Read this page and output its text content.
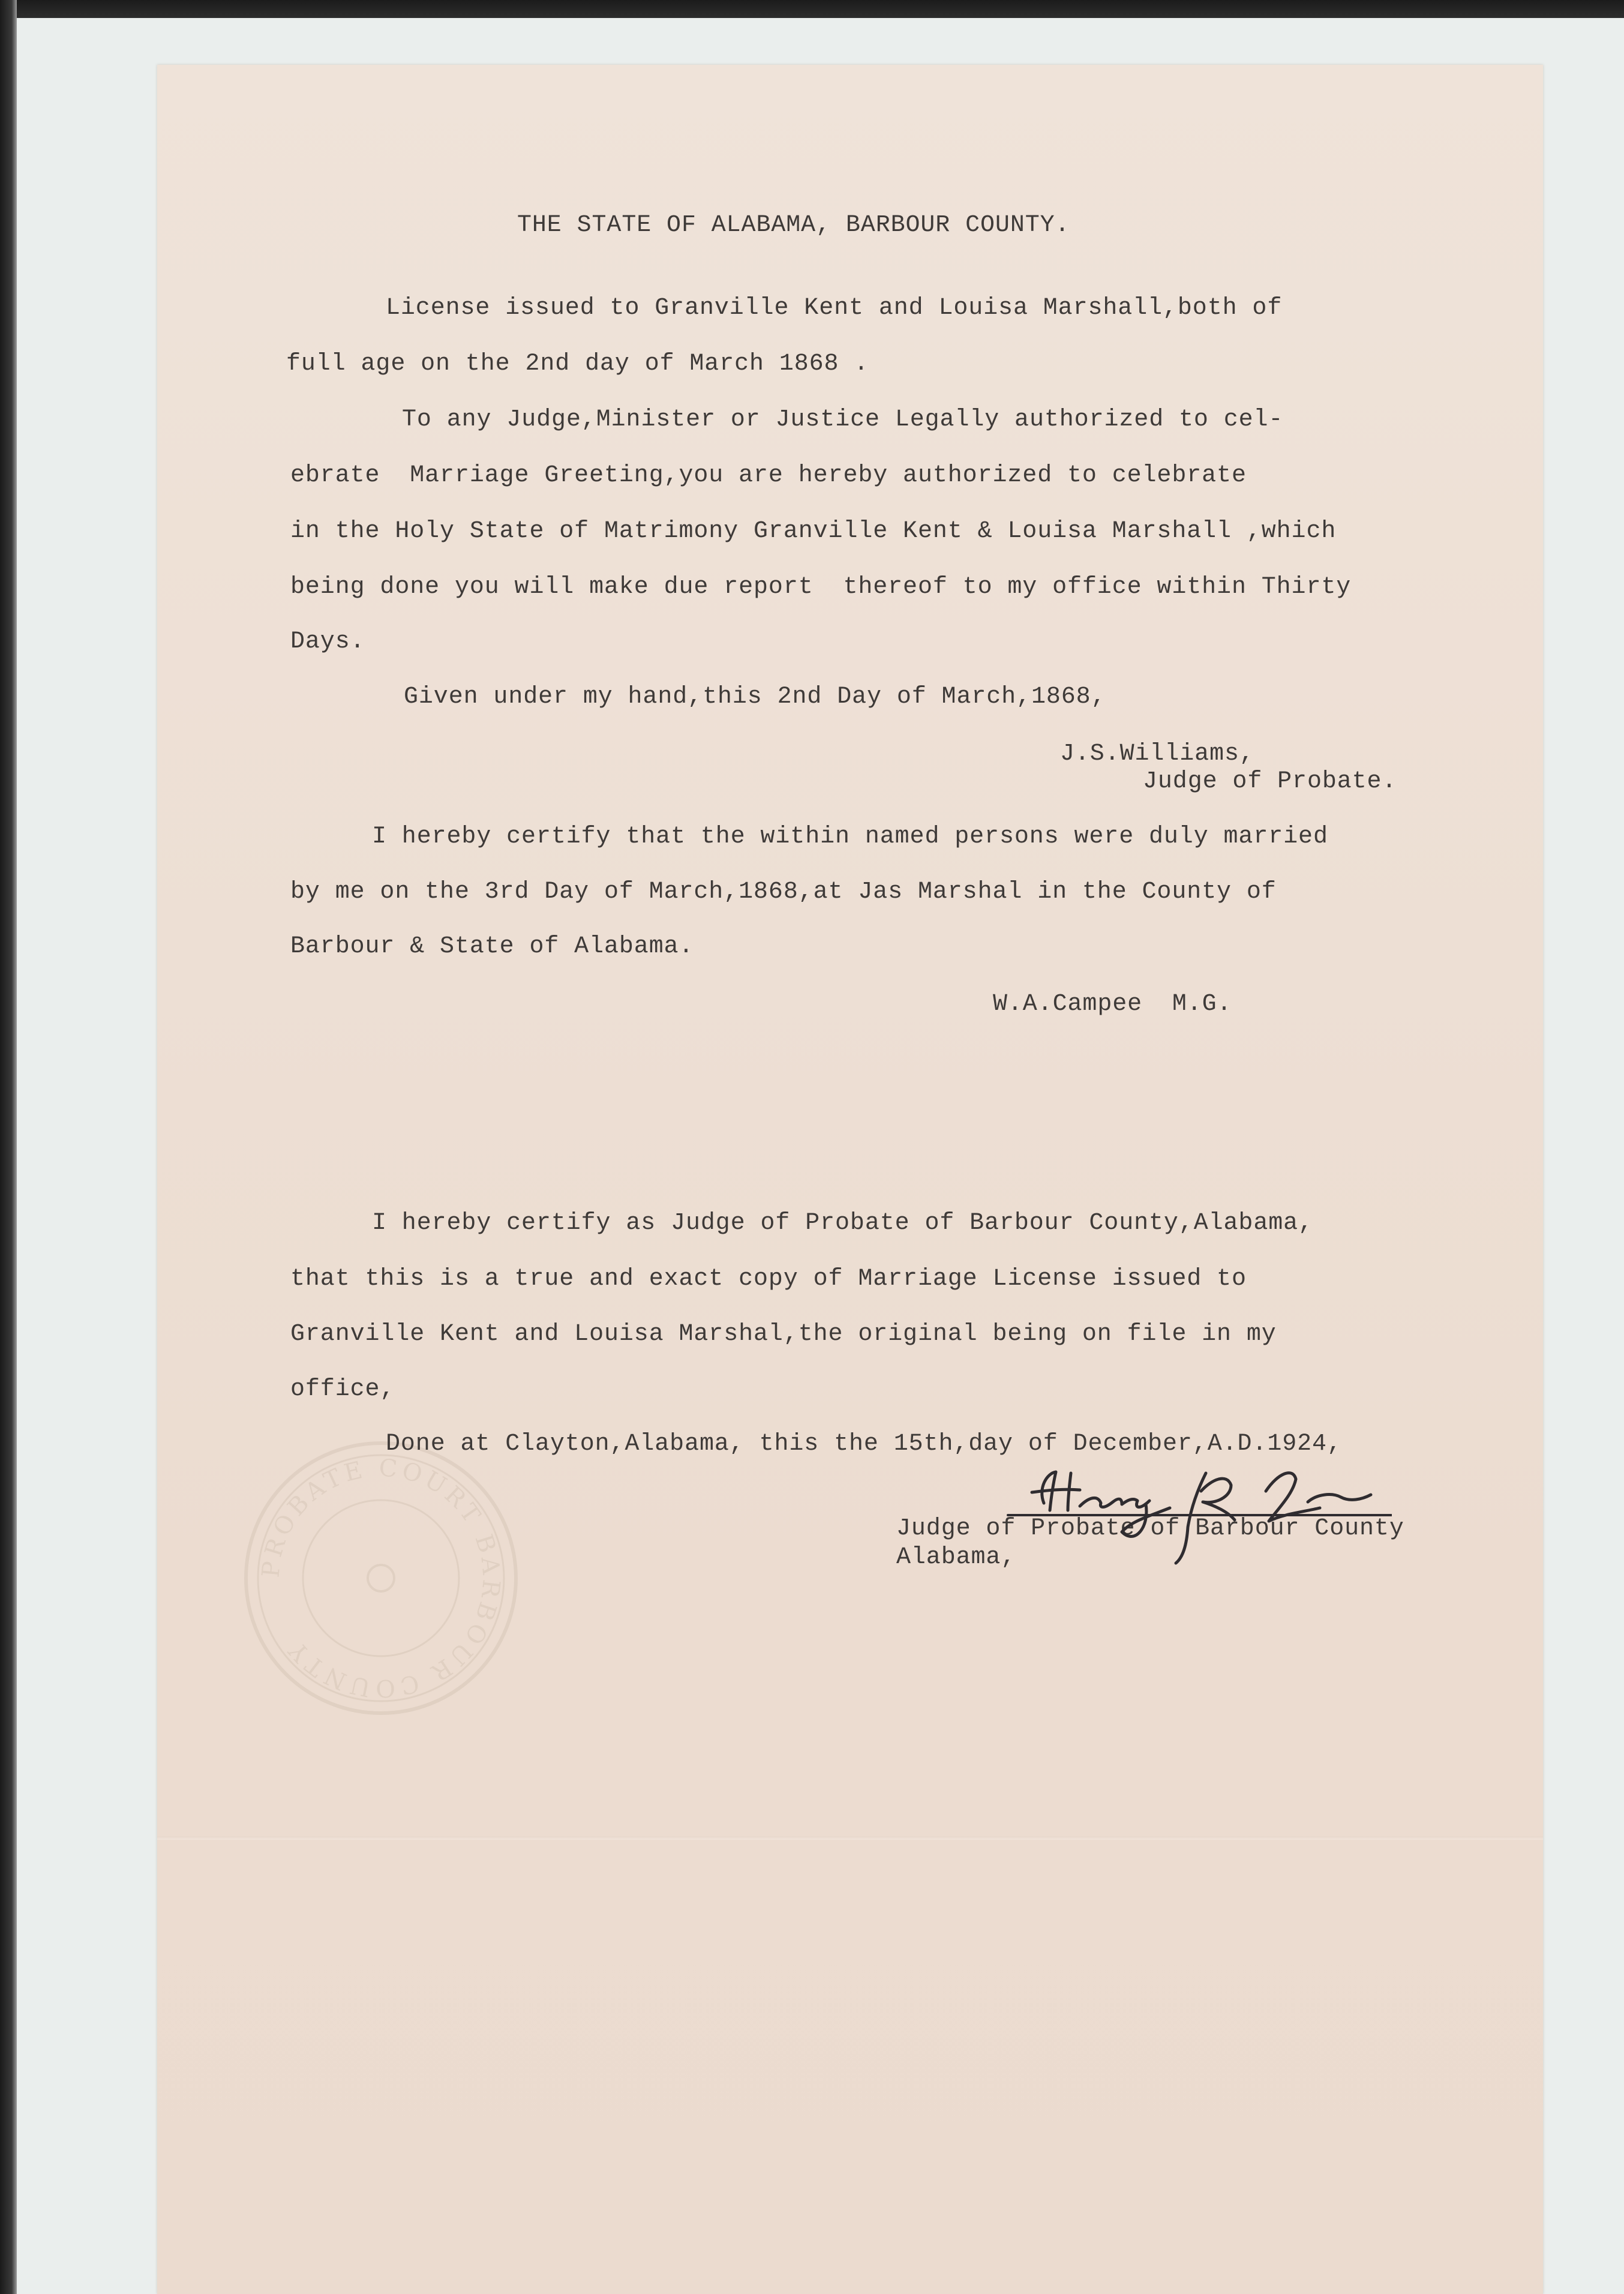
PROBATE COURT BARBOUR COUNTY

THE STATE OF ALABAMA, BARBOUR COUNTY.

License issued to Granville Kent and Louisa Marshall,both of

full age on the 2nd day of March 1868 .

To any Judge,Minister or Justice Legally authorized to cel-

ebrate  Marriage Greeting,you are hereby authorized to celebrate

in the Holy State of Matrimony Granville Kent & Louisa Marshall ,which

being done you will make due report  thereof to my office within Thirty

Days.

Given under my hand,this 2nd Day of March,1868,

J.S.Williams,

Judge of Probate.

I hereby certify that the within named persons were duly married

by me on the 3rd Day of March,1868,at Jas Marshal in the County of

Barbour & State of Alabama.

W.A.Campee  M.G.

I hereby certify as Judge of Probate of Barbour County,Alabama,

that this is a true and exact copy of Marriage License issued to

Granville Kent and Louisa Marshal,the original being on file in my

office,

Done at Clayton,Alabama, this the 15th,day of December,A.D.1924,

Judge of Probate of Barbour County

Alabama,
